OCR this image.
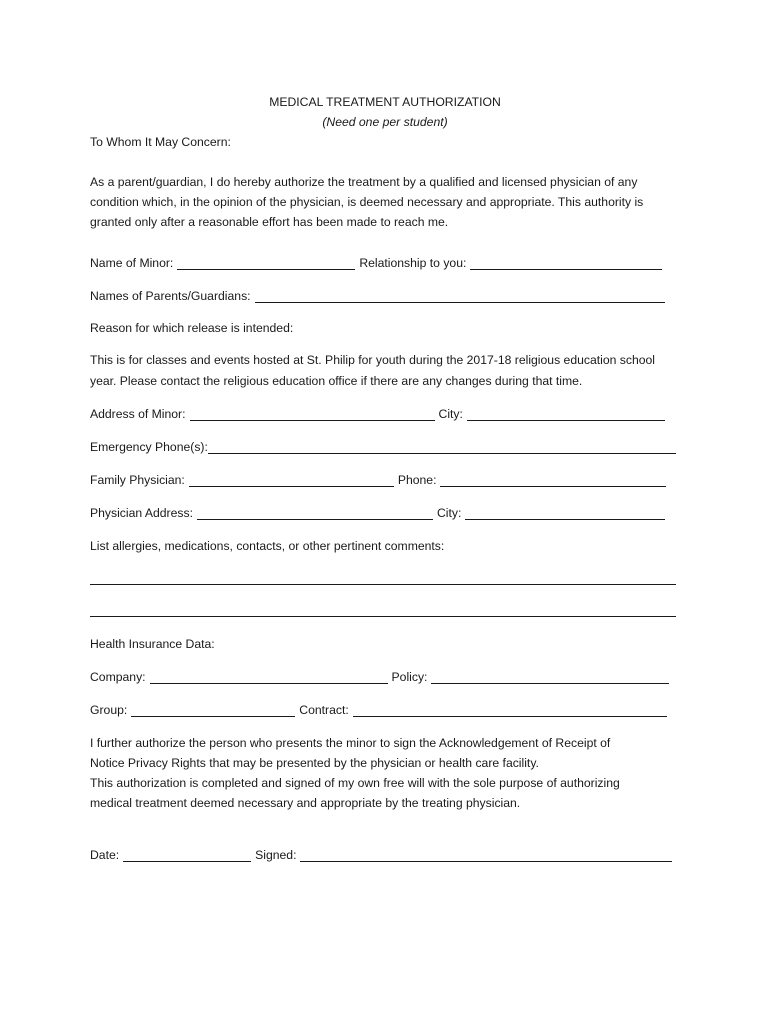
MEDICAL TREATMENT AUTHORIZATION
(Need one per student)
To Whom It May Concern:
As a parent/guardian, I do hereby authorize the treatment by a qualified and licensed physician of any
condition which, in the opinion of the physician, is deemed necessary and appropriate. This authority is
granted only after a reasonable effort has been made to reach me.
Name of Minor:	Relationship to you:
Names of Parents/Guardians:
Reason for which release is intended:
This is for classes and events hosted at St. Philip for youth during the 2017-18 religious education school
year. Please contact the religious education office if there are any changes during that time.
Address of Minor:	City:
Emergency Phone(s):
Family Physician:	Phone:
Physician Address:	City:
List allergies, medications, contacts, or other pertinent comments:
Health Insurance Data:
Company:	Policy:
Group:	Contract:
I further authorize the person who presents the minor to sign the Acknowledgement of Receipt of
Notice Privacy Rights that may be presented by the physician or health care facility.
This authorization is completed and signed of my own free will with the sole purpose of authorizing
medical treatment deemed necessary and appropriate by the treating physician.
Date:	Signed:
